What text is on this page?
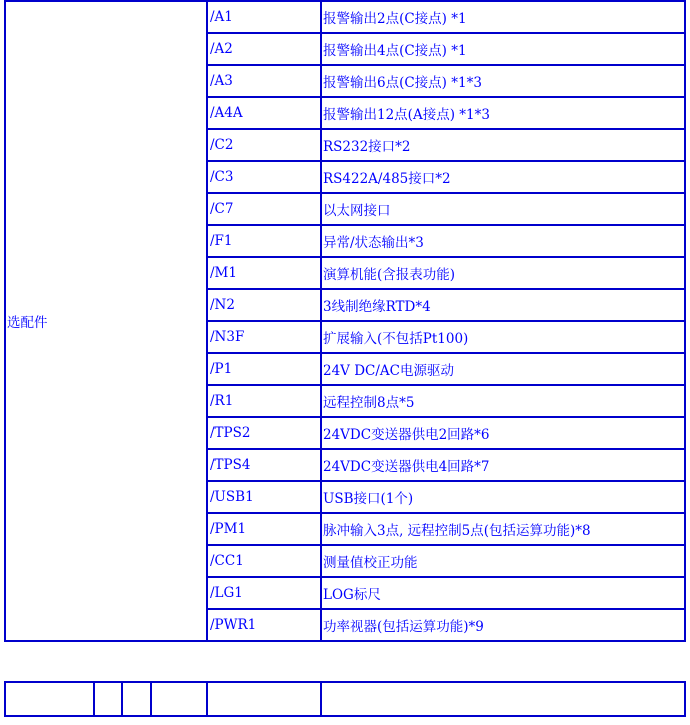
选配件	/A1	报警输出2点(C接点) *1
	/A2	报警输出4点(C接点) *1
	/A3	报警输出6点(C接点) *1*3
	/A4A	报警输出12点(A接点) *1*3
	/C2	RS232接口*2
	/C3	RS422A/485接口*2
	/C7	以太网接口
	/F1	异常/状态输出*3
	/M1	演算机能(含报表功能)
	/N2	3线制绝缘RTD*4
	/N3F	扩展输入(不包括Pt100)
	/P1	24V DC/AC电源驱动
	/R1	远程控制8点*5
	/TPS2	24VDC变送器供电2回路*6
	/TPS4	24VDC变送器供电4回路*7
	/USB1	USB接口(1个)
	/PM1	脉冲输入3点, 远程控制5点(包括运算功能)*8
	/CC1	测量值校正功能
	/LG1	LOG标尺
	/PWR1	功率视器(包括运算功能)*9
